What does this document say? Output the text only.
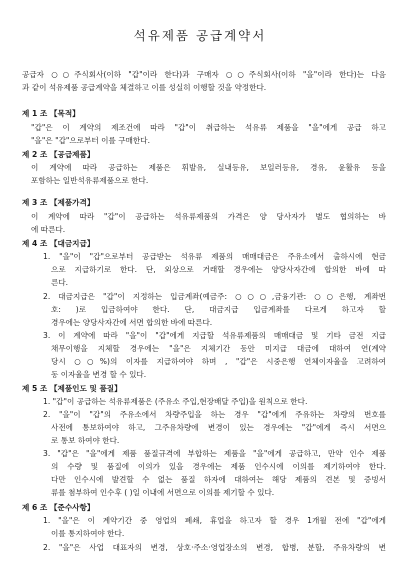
석유제품 공급계약서
공급자 ○○주식회사(이하 "갑"이라 한다)과 구매자 ○○주식회사(이하 "을"이라 한다)는 다음
과 같이 석유제품 공급계약을 체결하고 이를 성실히 이행할 것을 약정한다.
제 1 조 【목적】
"갑"은 이 계약의 제조건에 따라 "갑"이 취급하는 석유류 제품을 "을"에게 공급 하고
"을"은 "갑"으로부터 이를 구매한다.
제 2 조 【공급제품】
이 계약에 따라 공급하는 제품은 휘발유, 실내등유, 보일러등유, 경유, 윤활유 등을
포함하는 일반석유류제품으로 한다.
제 3 조 【제품가격】
이 계약에 따라 "갑"이 공급하는 석유류제품의 가격은 양 당사자가 별도 협의하는 바
에 따른다.
제 4 조 【대금지급】
1. "을"이 "갑"으로부터 공급받는 석유류 제품의 매매대금은 주유소에서 출하시에 현금
으로 지급하기로 한다. 단, 외상으로 거래할 경우에는 양당사자간에 합의한 바에 따
른다.
2. 대금지급은 "갑"이 지정하는 입금계좌(예금주: ○○○,금융기관: ○○은행, 계좌번
호: )로 입금하여야 한다. 단, 대금지급 입금계좌를 다르게 하고자 할
경우에는 양당사자간에 서면 합의한 바에 따른다.
3. 이 계약에 따라 "을"이 "갑"에게 지급할 석유류제품의 매매대금 및 기타 금전 지급
채무이행을 지체할 경우에는 "을"은 지체기간 동안 미지급 대금에 대하여 연(계약
당시 ○○%)의 이자를 지급하여야 하며 , "갑"은 시중은행 연체이자율을 고려하여
동 이자율을 변경 할 수 있다.
제 5 조 【제품인도 및 품질】
1. "갑"이 공급하는 석유류제품은 (주유소 주입,현장배달 주입)을 원칙으로 한다.
2. "을"이 "갑"의 주유소에서 차량주입을 하는 경우 "갑"에게 주유하는 차량의 번호를
사전에 통보하여야 하고, 그주유차량에 변경이 있는 경우에는 "갑"에게 즉시 서면으
로 통보 하여야 한다.
3. "갑"은 "을"에게 제품 품질규격에 부합하는 제품을 "을"에게 공급하고, 만약 인수 제품
의 수량 및 품질에 이의가 있을 경우에는 제품 인수시에 이의를 제기하여야 한다.
다만 인수시에 발견할 수 없는 품질 하자에 대하여는 해당 제품의 견본 및 증빙서
류를 첨부하여 인수후 ( )일 이내에 서면으로 이의를 제기할 수 있다.
제 6 조 【준수사항】
1. "을"은 이 계약기간 중 영업의 폐쇄, 휴업을 하고자 할 경우 1개월 전에 "갑"에게
이를 통지하여야 한다.
2. "을"은 사업 대표자의 변경, 상호·주소·영업장소의 변경, 합병, 분할, 주유차량의 변
